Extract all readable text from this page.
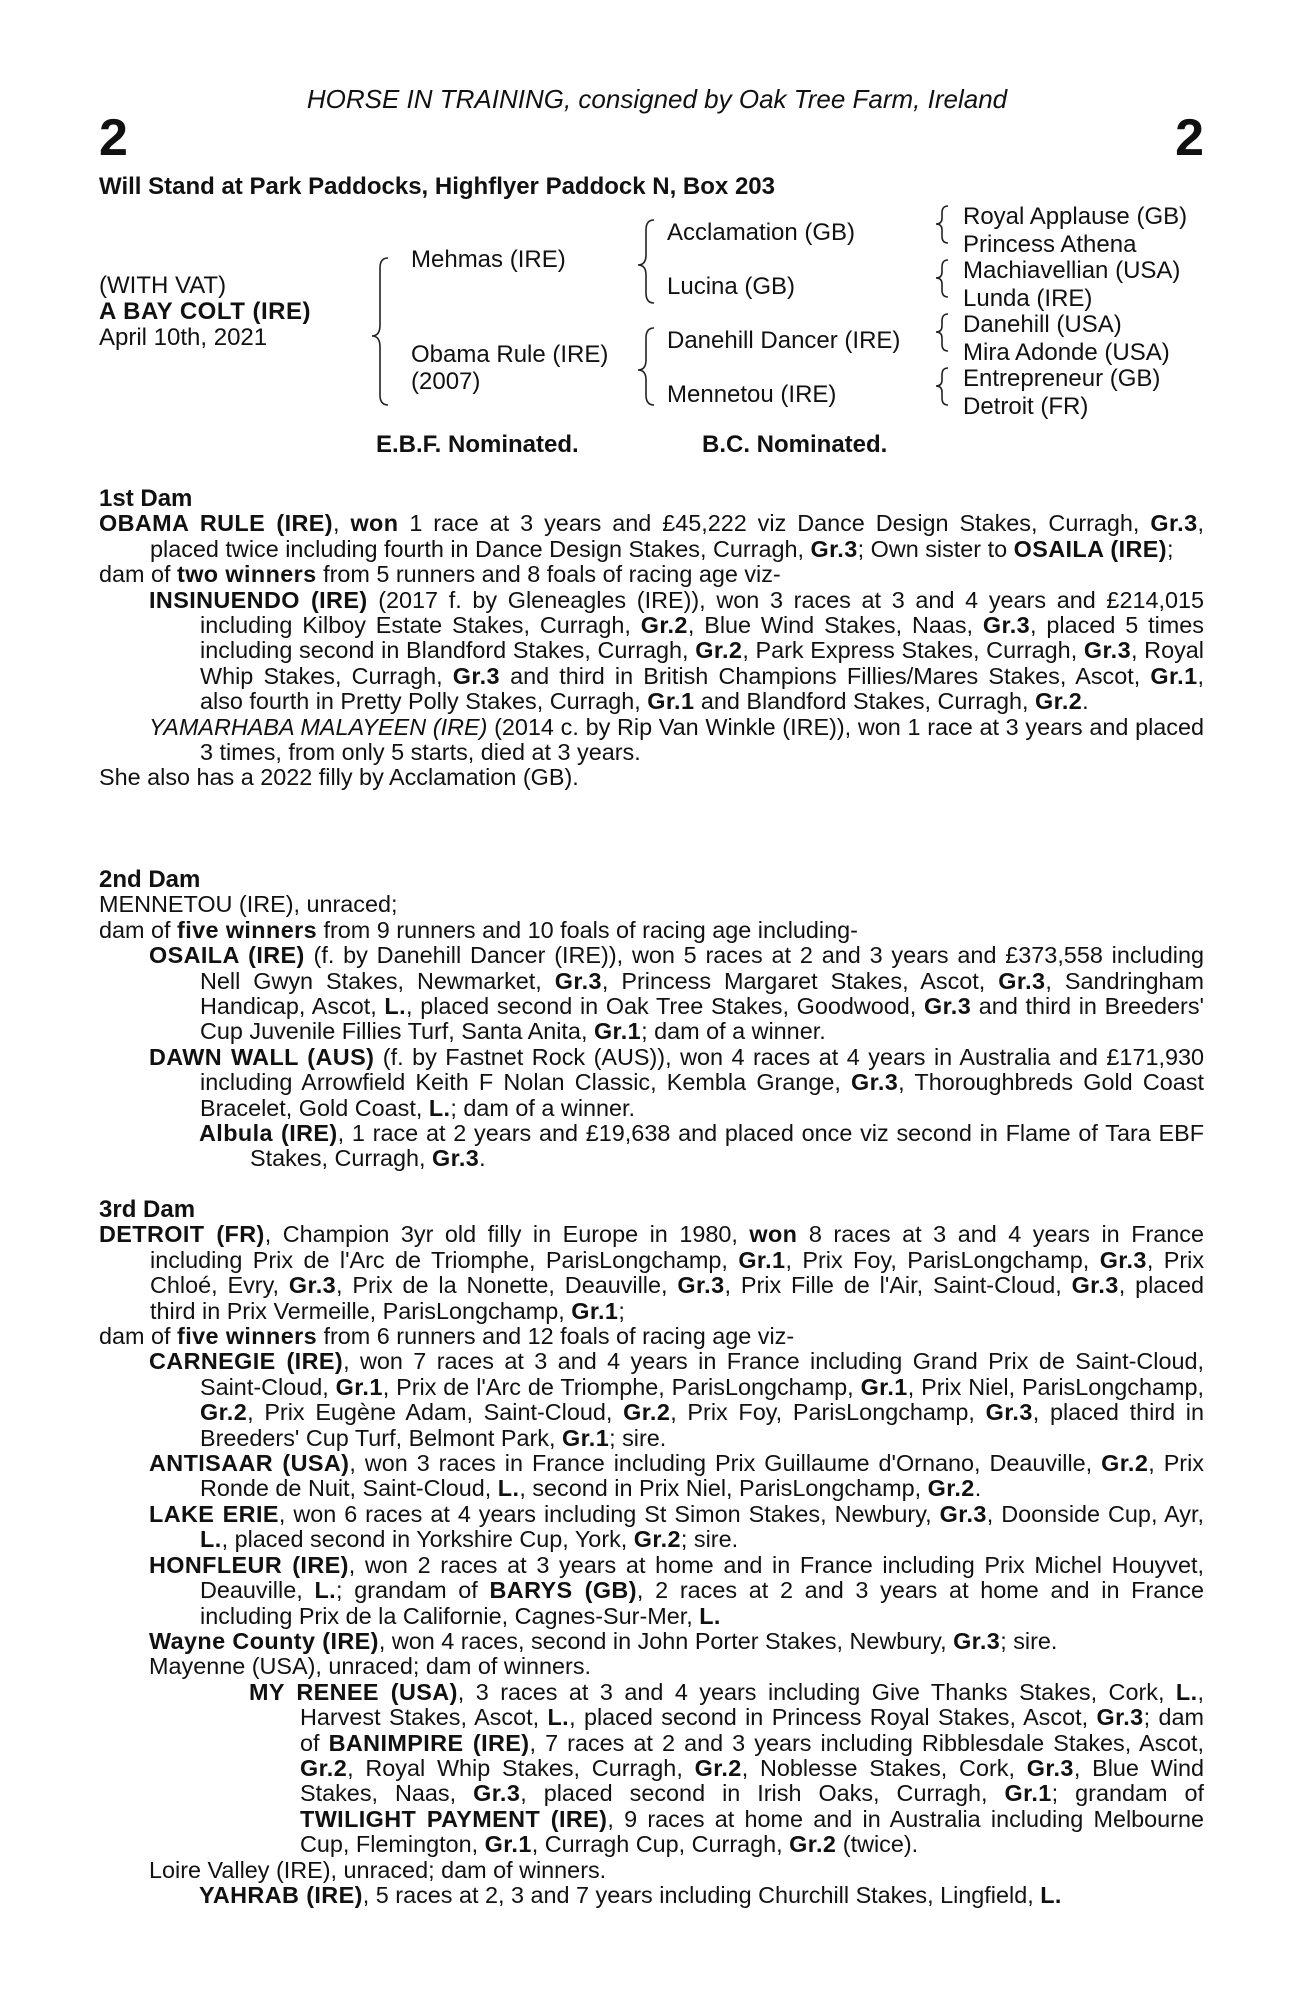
HORSE IN TRAINING, consigned by Oak Tree Farm, Ireland
2	2
Will Stand at Park Paddocks, Highflyer Paddock N, Box 203
(WITH VAT)
A BAY COLT (IRE)
April 10th, 2021
Mehmas (IRE)
Obama Rule (IRE)
(2007)
Acclamation (GB)
Lucina (GB)
Danehill Dancer (IRE)
Mennetou (IRE)
Royal Applause (GB)
Princess Athena
Machiavellian (USA)
Lunda (IRE)
Danehill (USA)
Mira Adonde (USA)
Entrepreneur (GB)
Detroit (FR)
E.B.F. Nominated.	B.C. Nominated.

1st Dam

OBAMA RULE (IRE), won 1 race at 3 years and £45,222 viz Dance Design Stakes, Curragh, Gr.3, placed twice including fourth in Dance Design Stakes, Curragh, Gr.3; Own sister to OSAILA (IRE);

dam of two winners from 5 runners and 8 foals of racing age viz-

INSINUENDO (IRE) (2017 f. by Gleneagles (IRE)), won 3 races at 3 and 4 years and £214,015 including Kilboy Estate Stakes, Curragh, Gr.2, Blue Wind Stakes, Naas, Gr.3, placed 5 times including second in Blandford Stakes, Curragh, Gr.2, Park Express Stakes, Curragh, Gr.3, Royal Whip Stakes, Curragh, Gr.3 and third in British Champions Fillies/Mares Stakes, Ascot, Gr.1, also fourth in Pretty Polly Stakes, Curragh, Gr.1 and Blandford Stakes, Curragh, Gr.2.

YAMARHABA MALAYEEN (IRE) (2014 c. by Rip Van Winkle (IRE)), won 1 race at 3 years and placed 3 times, from only 5 starts, died at 3 years.

She also has a 2022 filly by Acclamation (GB).

2nd Dam

MENNETOU (IRE), unraced;

dam of five winners from 9 runners and 10 foals of racing age including-

OSAILA (IRE) (f. by Danehill Dancer (IRE)), won 5 races at 2 and 3 years and £373,558 including Nell Gwyn Stakes, Newmarket, Gr.3, Princess Margaret Stakes, Ascot, Gr.3, Sandringham Handicap, Ascot, L., placed second in Oak Tree Stakes, Goodwood, Gr.3 and third in Breeders' Cup Juvenile Fillies Turf, Santa Anita, Gr.1; dam of a winner.

DAWN WALL (AUS) (f. by Fastnet Rock (AUS)), won 4 races at 4 years in Australia and £171,930 including Arrowfield Keith F Nolan Classic, Kembla Grange, Gr.3, Thoroughbreds Gold Coast Bracelet, Gold Coast, L.; dam of a winner.

Albula (IRE), 1 race at 2 years and £19,638 and placed once viz second in Flame of Tara EBF Stakes, Curragh, Gr.3.

3rd Dam

DETROIT (FR), Champion 3yr old filly in Europe in 1980, won 8 races at 3 and 4 years in France including Prix de l'Arc de Triomphe, ParisLongchamp, Gr.1, Prix Foy, ParisLongchamp, Gr.3, Prix Chloé, Evry, Gr.3, Prix de la Nonette, Deauville, Gr.3, Prix Fille de l'Air, Saint-Cloud, Gr.3, placed third in Prix Vermeille, ParisLongchamp, Gr.1;

dam of five winners from 6 runners and 12 foals of racing age viz-

CARNEGIE (IRE), won 7 races at 3 and 4 years in France including Grand Prix de Saint-Cloud, Saint-Cloud, Gr.1, Prix de l'Arc de Triomphe, ParisLongchamp, Gr.1, Prix Niel, ParisLongchamp, Gr.2, Prix Eugène Adam, Saint-Cloud, Gr.2, Prix Foy, ParisLongchamp, Gr.3, placed third in Breeders' Cup Turf, Belmont Park, Gr.1; sire.

ANTISAAR (USA), won 3 races in France including Prix Guillaume d'Ornano, Deauville, Gr.2, Prix Ronde de Nuit, Saint-Cloud, L., second in Prix Niel, ParisLongchamp, Gr.2.

LAKE ERIE, won 6 races at 4 years including St Simon Stakes, Newbury, Gr.3, Doonside Cup, Ayr, L., placed second in Yorkshire Cup, York, Gr.2; sire.

HONFLEUR (IRE), won 2 races at 3 years at home and in France including Prix Michel Houyvet, Deauville, L.; grandam of BARYS (GB), 2 races at 2 and 3 years at home and in France including Prix de la Californie, Cagnes-Sur-Mer, L.

Wayne County (IRE), won 4 races, second in John Porter Stakes, Newbury, Gr.3; sire.

Mayenne (USA), unraced; dam of winners.

MY RENEE (USA), 3 races at 3 and 4 years including Give Thanks Stakes, Cork, L., Harvest Stakes, Ascot, L., placed second in Princess Royal Stakes, Ascot, Gr.3; dam of BANIMPIRE (IRE), 7 races at 2 and 3 years including Ribblesdale Stakes, Ascot, Gr.2, Royal Whip Stakes, Curragh, Gr.2, Noblesse Stakes, Cork, Gr.3, Blue Wind Stakes, Naas, Gr.3, placed second in Irish Oaks, Curragh, Gr.1; grandam of TWILIGHT PAYMENT (IRE), 9 races at home and in Australia including Melbourne Cup, Flemington, Gr.1, Curragh Cup, Curragh, Gr.2 (twice).

Loire Valley (IRE), unraced; dam of winners.

YAHRAB (IRE), 5 races at 2, 3 and 7 years including Churchill Stakes, Lingfield, L.
